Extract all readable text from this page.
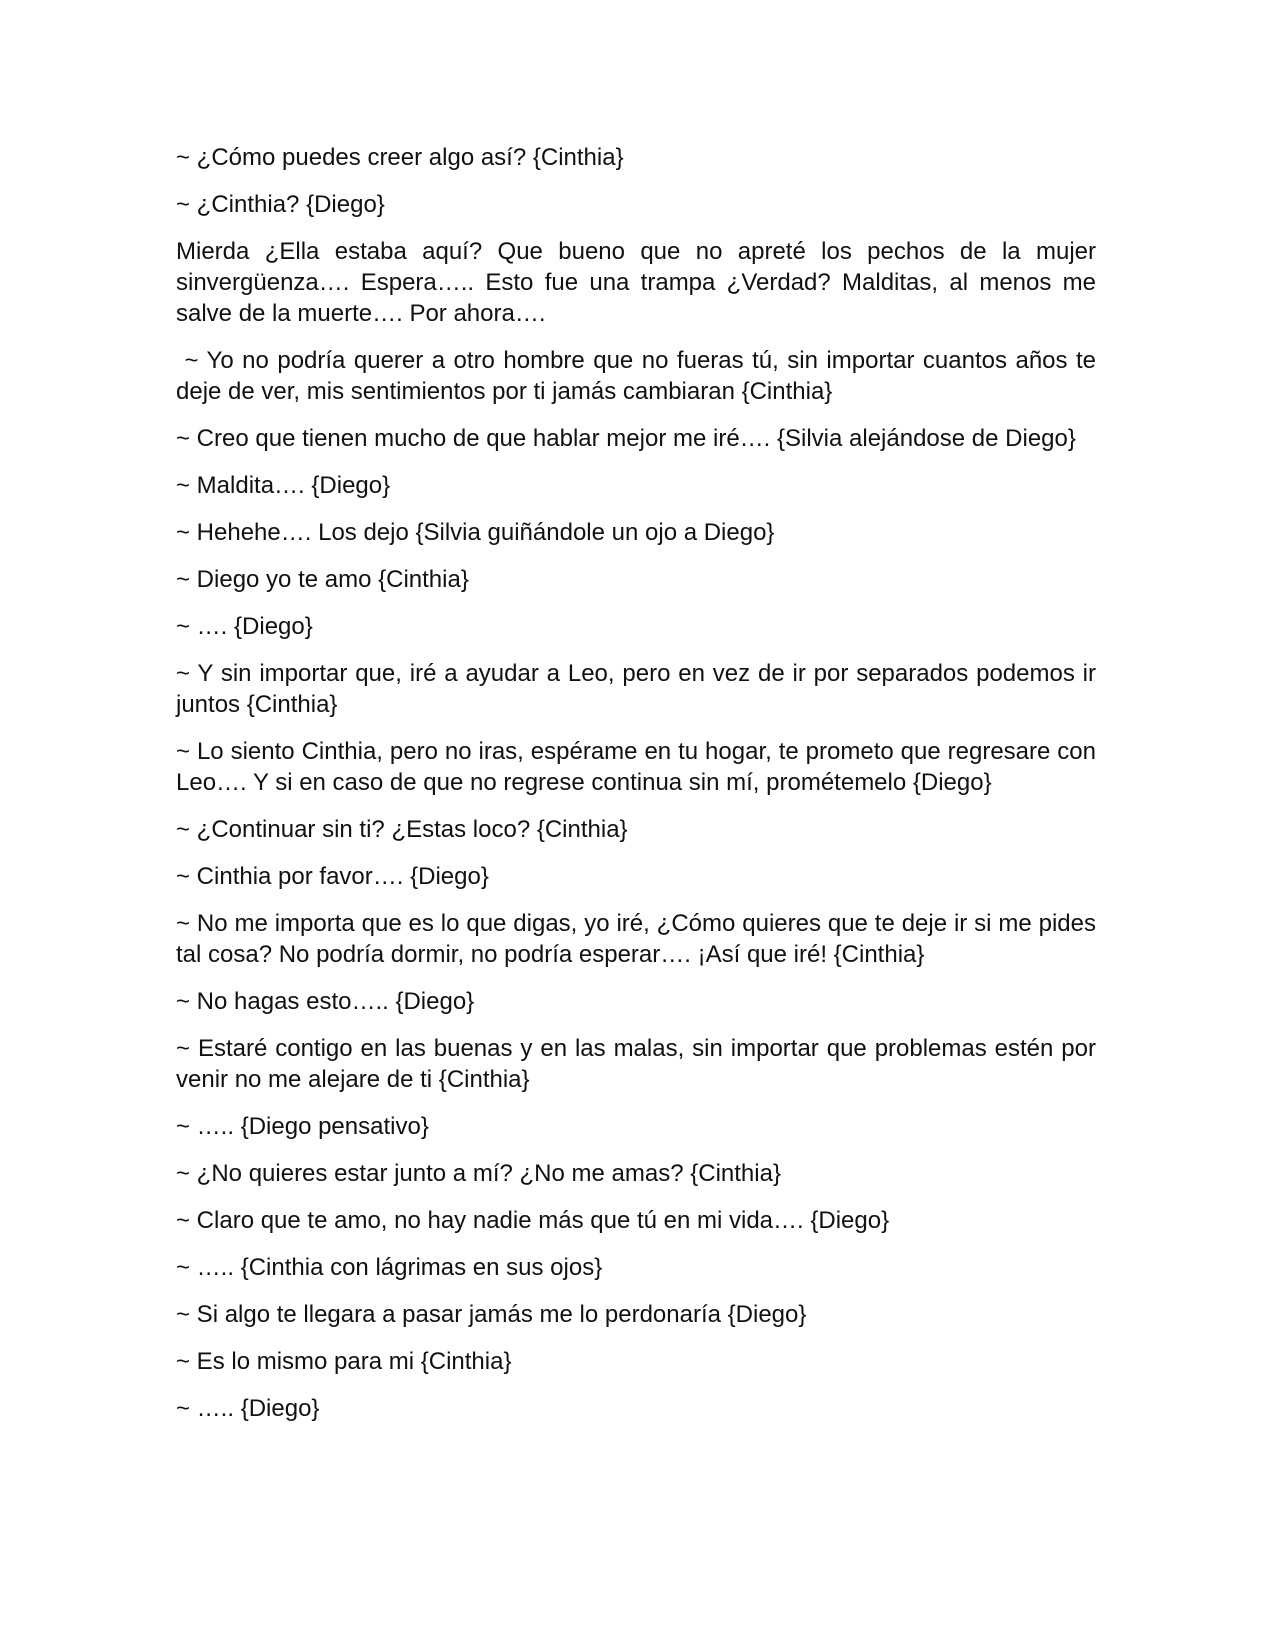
~ ¿Cómo puedes creer algo así? {Cinthia}

~ ¿Cinthia? {Diego}

Mierda ¿Ella estaba aquí? Que bueno que no apreté los pechos de la mujer sinvergüenza…. Espera….. Esto fue una trampa ¿Verdad? Malditas, al menos me salve de la muerte…. Por ahora….

~ Yo no podría querer a otro hombre que no fueras tú, sin importar cuantos años te deje de ver, mis sentimientos por ti jamás cambiaran {Cinthia}

~ Creo que tienen mucho de que hablar mejor me iré…. {Silvia alejándose de Diego}

~ Maldita…. {Diego}

~ Hehehe…. Los dejo {Silvia guiñándole un ojo a Diego}

~ Diego yo te amo {Cinthia}

~ …. {Diego}

~ Y sin importar que, iré a ayudar a Leo, pero en vez de ir por separados podemos ir juntos {Cinthia}

~ Lo siento Cinthia, pero no iras, espérame en tu hogar, te prometo que regresare con Leo…. Y si en caso de que no regrese continua sin mí, prométemelo {Diego}

~ ¿Continuar sin ti? ¿Estas loco? {Cinthia}

~ Cinthia por favor…. {Diego}

~ No me importa que es lo que digas, yo iré, ¿Cómo quieres que te deje ir si me pides tal cosa? No podría dormir, no podría esperar…. ¡Así que iré! {Cinthia}

~ No hagas esto….. {Diego}

~ Estaré contigo en las buenas y en las malas, sin importar que problemas estén por venir no me alejare de ti {Cinthia}

~ ….. {Diego pensativo}

~ ¿No quieres estar junto a mí? ¿No me amas? {Cinthia}

~ Claro que te amo, no hay nadie más que tú en mi vida…. {Diego}

~ ….. {Cinthia con lágrimas en sus ojos}

~ Si algo te llegara a pasar jamás me lo perdonaría {Diego}

~ Es lo mismo para mi {Cinthia}

~ ….. {Diego}
